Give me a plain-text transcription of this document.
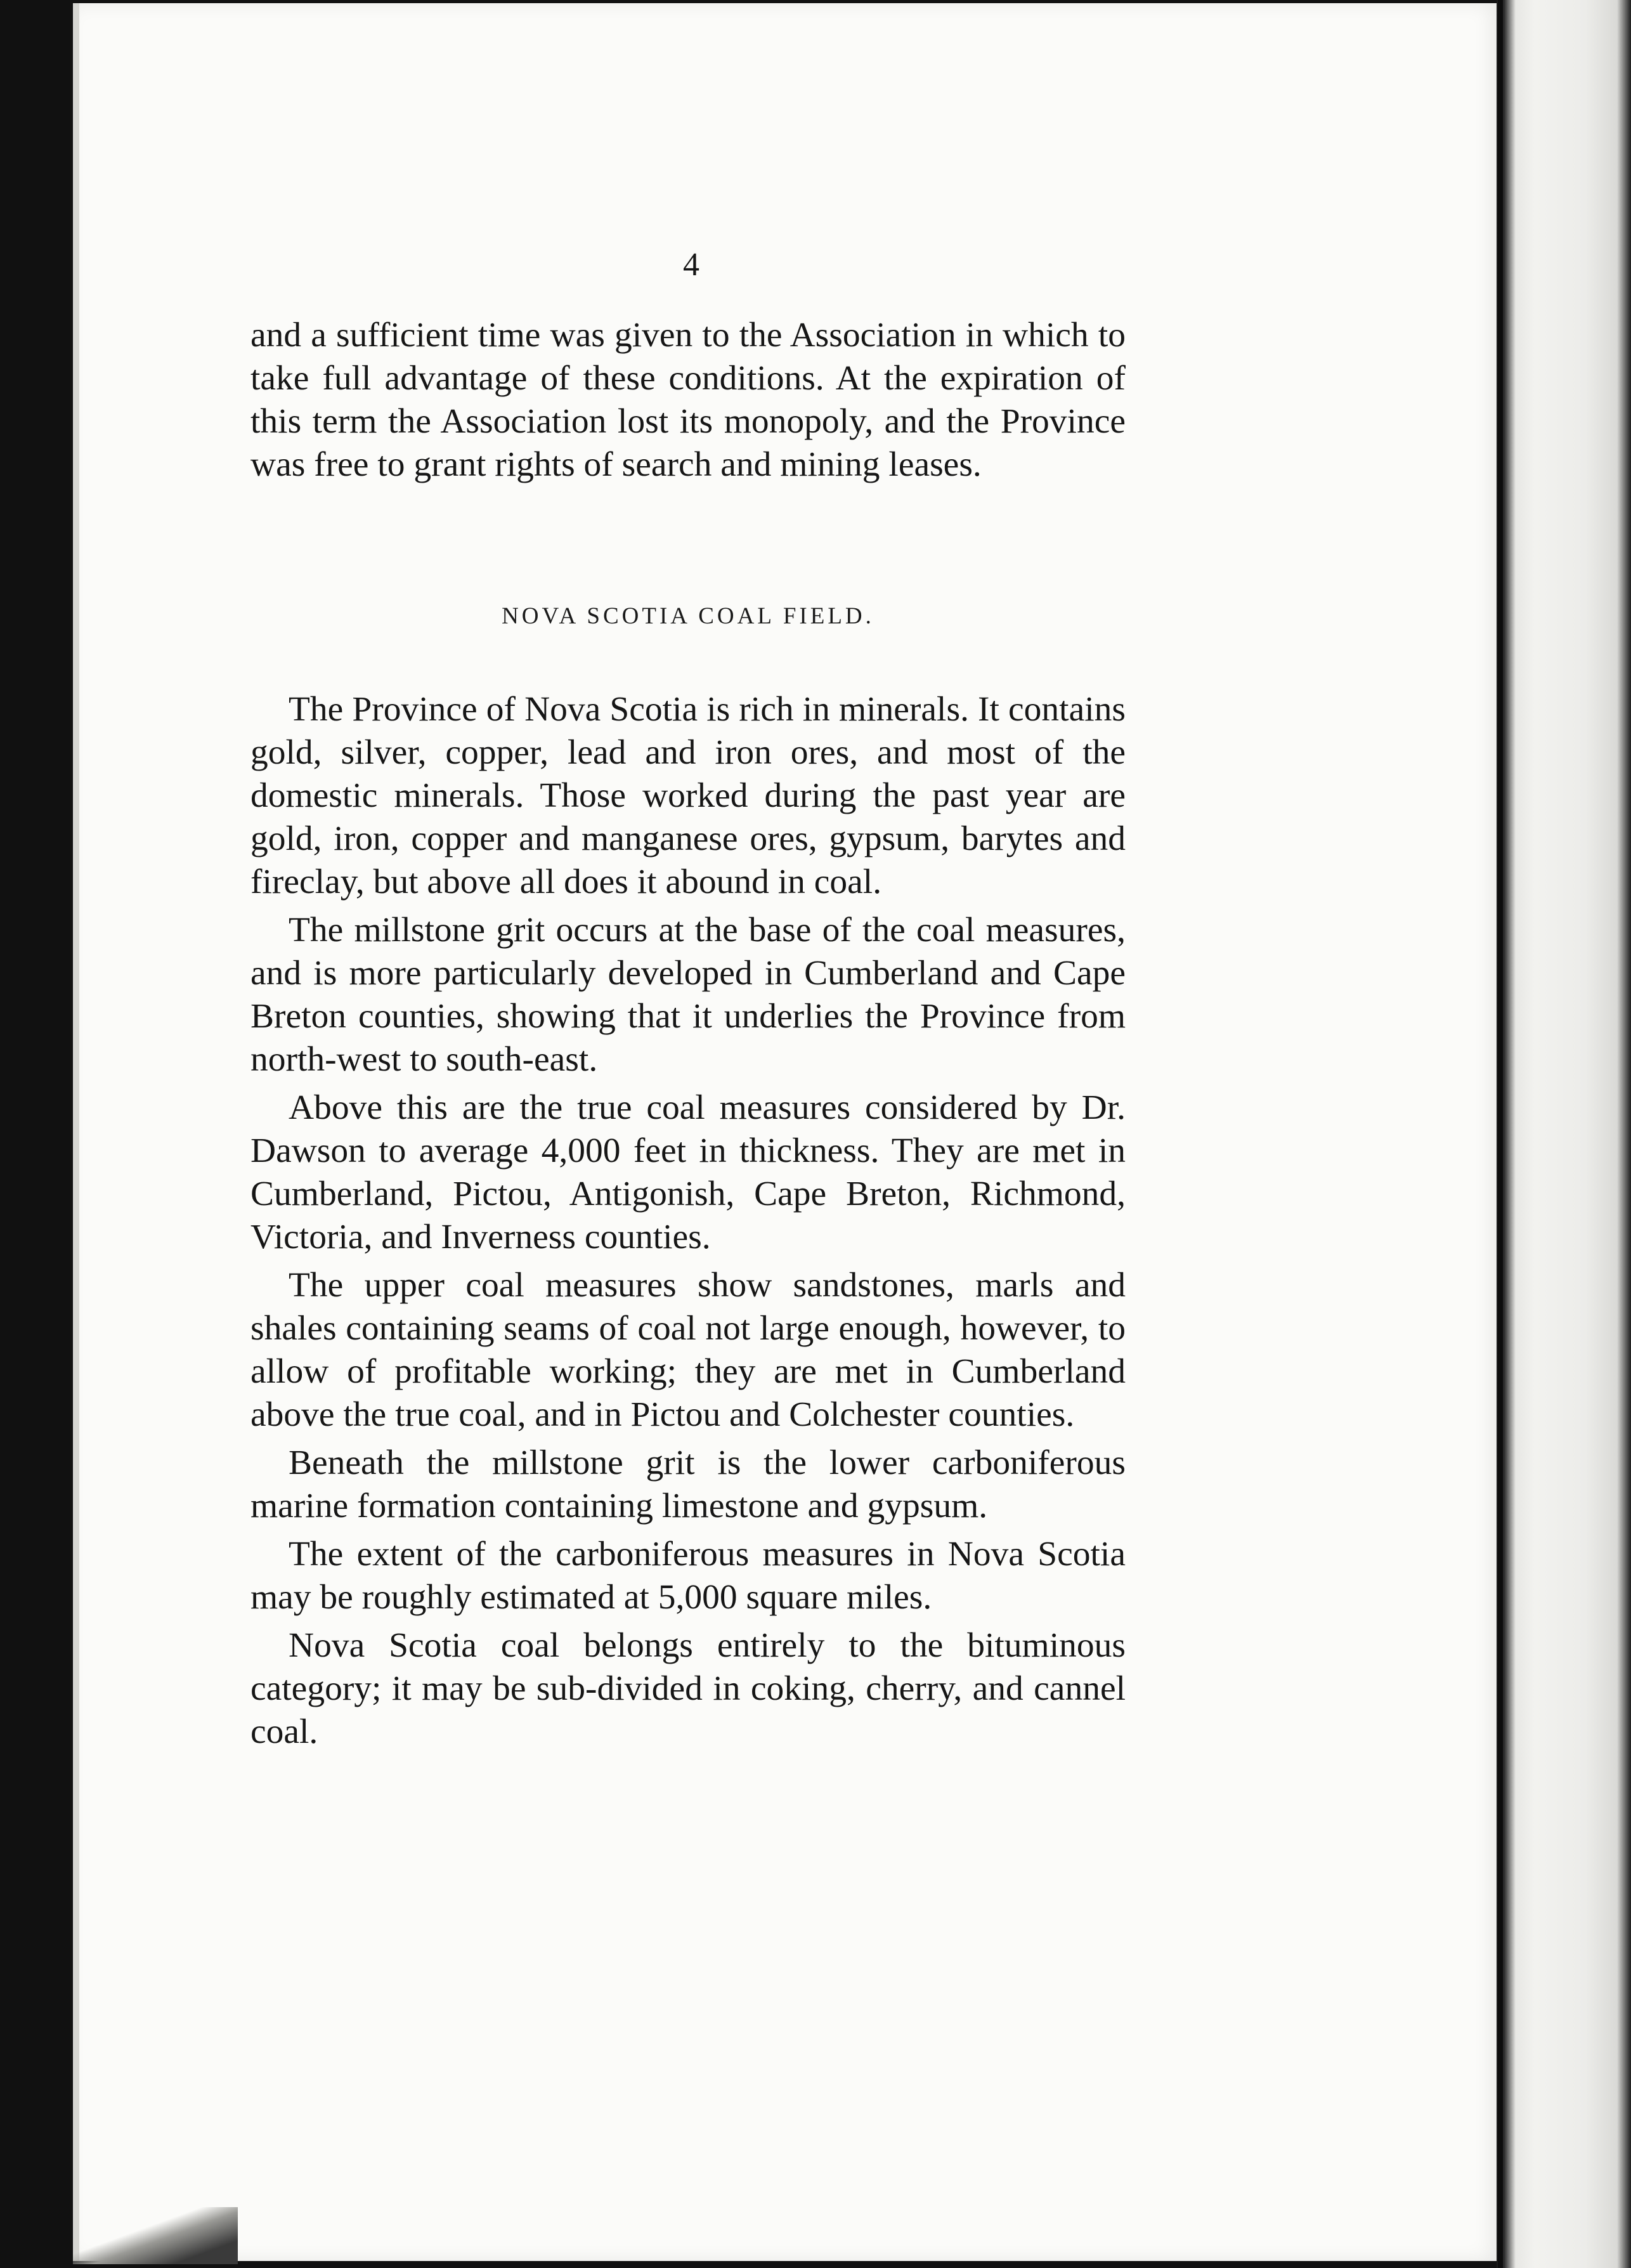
4

and a sufficient time was given to the Association in which to take full advantage of these conditions. At the expiration of this term the Association lost its monopoly, and the Province was free to grant rights of search and mining leases.

NOVA SCOTIA COAL FIELD.

The Province of Nova Scotia is rich in minerals. It contains gold, silver, copper, lead and iron ores, and most of the domestic minerals. Those worked during the past year are gold, iron, copper and manganese ores, gypsum, barytes and fireclay, but above all does it abound in coal.

The millstone grit occurs at the base of the coal measures, and is more particularly developed in Cumberland and Cape Breton counties, showing that it underlies the Province from north-west to south-east.

Above this are the true coal measures considered by Dr. Dawson to average 4,000 feet in thickness. They are met in Cumberland, Pictou, Antigonish, Cape Breton, Richmond, Victoria, and Inverness counties.

The upper coal measures show sandstones, marls and shales containing seams of coal not large enough, however, to allow of profitable working; they are met in Cumberland above the true coal, and in Pictou and Colchester counties.

Beneath the millstone grit is the lower carboniferous marine formation containing limestone and gypsum.

The extent of the carboniferous measures in Nova Scotia may be roughly estimated at 5,000 square miles.

Nova Scotia coal belongs entirely to the bituminous category; it may be sub-divided in coking, cherry, and cannel coal.
